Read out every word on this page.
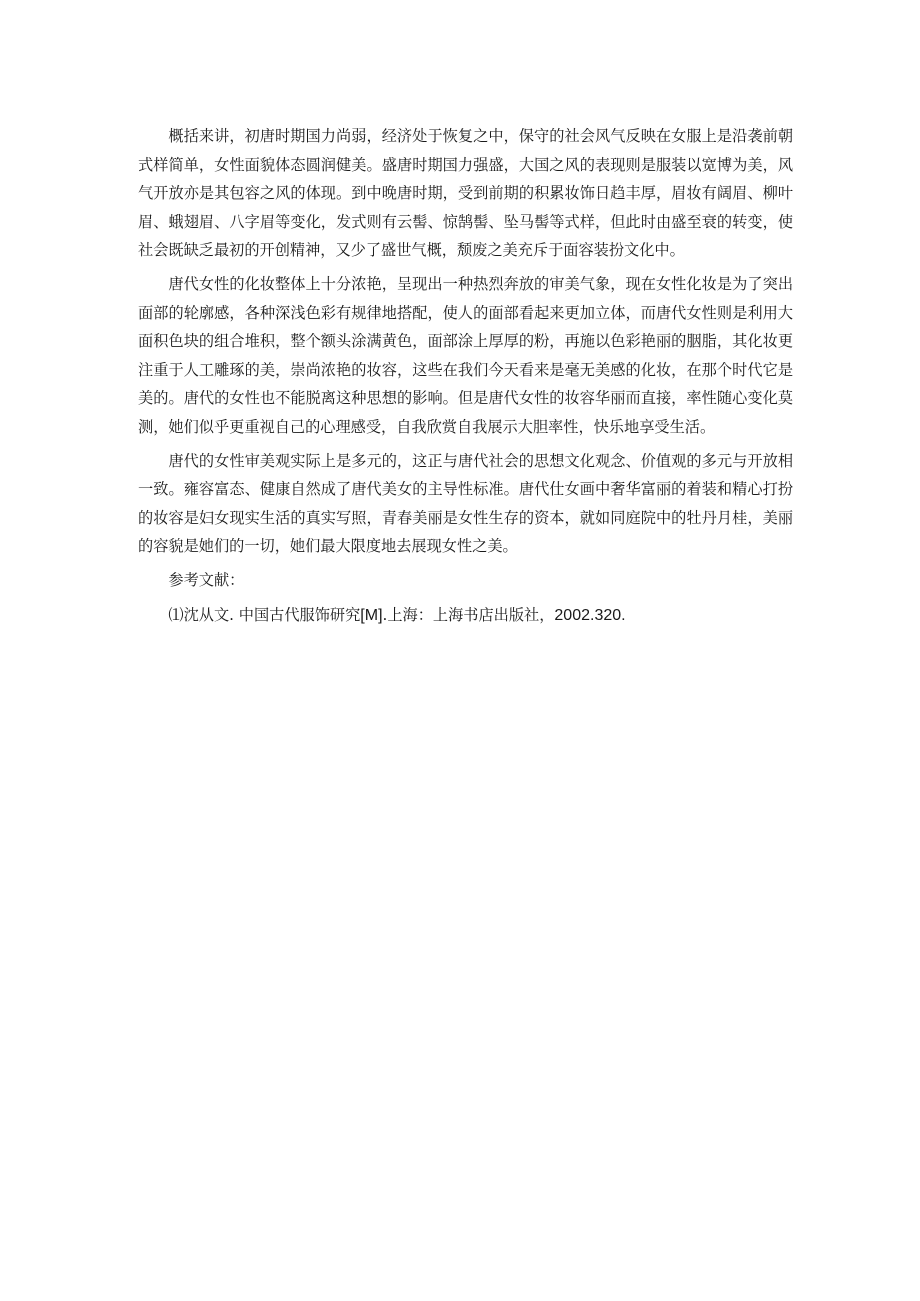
概括来讲，初唐时期国力尚弱，经济处于恢复之中，保守的社会风气反映在女服上是沿袭前朝式样简单，女性面貌体态圆润健美。盛唐时期国力强盛，大国之风的表现则是服装以宽博为美，风气开放亦是其包容之风的体现。到中晚唐时期，受到前期的积累妆饰日趋丰厚，眉妆有阔眉、柳叶眉、蛾翅眉、八字眉等变化，发式则有云髻、惊鹄髻、坠马髻等式样，但此时由盛至衰的转变，使社会既缺乏最初的开创精神，又少了盛世气概，颓废之美充斥于面容装扮文化中。

唐代女性的化妆整体上十分浓艳，呈现出一种热烈奔放的审美气象，现在女性化妆是为了突出面部的轮廓感，各种深浅色彩有规律地搭配，使人的面部看起来更加立体，而唐代女性则是利用大面积色块的组合堆积，整个额头涂满黄色，面部涂上厚厚的粉，再施以色彩艳丽的胭脂，其化妆更注重于人工雕琢的美，崇尚浓艳的妆容，这些在我们今天看来是毫无美感的化妆，在那个时代它是美的。唐代的女性也不能脱离这种思想的影响。但是唐代女性的妆容华丽而直接，率性随心变化莫测，她们似乎更重视自己的心理感受，自我欣赏自我展示大胆率性，快乐地享受生活。

唐代的女性审美观实际上是多元的，这正与唐代社会的思想文化观念、价值观的多元与开放相一致。雍容富态、健康自然成了唐代美女的主导性标准。唐代仕女画中奢华富丽的着装和精心打扮的妆容是妇女现实生活的真实写照，青春美丽是女性生存的资本，就如同庭院中的牡丹月桂，美丽的容貌是她们的一切，她们最大限度地去展现女性之美。

参考文献：

⑴沈从文. 中国古代服饰研究[M].上海：上海书店出版社，2002.320.
